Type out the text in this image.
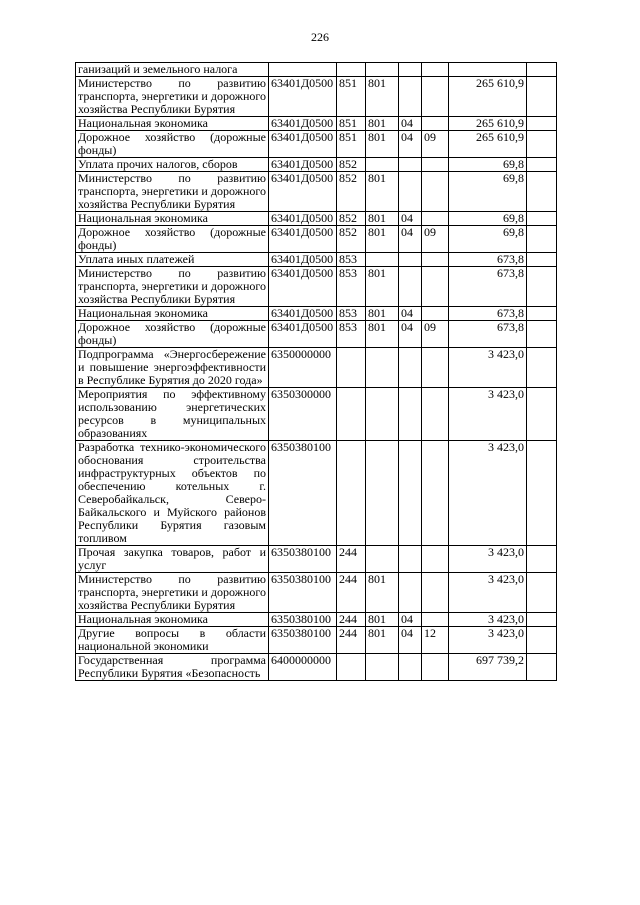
226
ганизаций и земельного налога							
Министерство по развитию транспорта, энергетики и дорожного хозяйства Республики Бурятия	63401Д0500	851	801			265 610,9	
Национальная экономика	63401Д0500	851	801	04		265 610,9	
Дорожное хозяйство (дорожные фонды)	63401Д0500	851	801	04	09	265 610,9	
Уплата прочих налогов, сборов	63401Д0500	852				69,8	
Министерство по развитию транспорта, энергетики и дорожного хозяйства Республики Бурятия	63401Д0500	852	801			69,8	
Национальная экономика	63401Д0500	852	801	04		69,8	
Дорожное хозяйство (дорожные фонды)	63401Д0500	852	801	04	09	69,8	
Уплата иных платежей	63401Д0500	853				673,8	
Министерство по развитию транспорта, энергетики и дорожного хозяйства Республики Бурятия	63401Д0500	853	801			673,8	
Национальная экономика	63401Д0500	853	801	04		673,8	
Дорожное хозяйство (дорожные фонды)	63401Д0500	853	801	04	09	673,8	
Подпрограмма «Энергосбережение и повышение энергоэффективности в Республике Бурятия до 2020 года»	6350000000					3 423,0	
Мероприятия по эффективному использованию энергетических ресурсов в муниципальных образованиях	6350300000					3 423,0	
Разработка технико-экономического обоснования строительства инфраструктурных объектов по обеспечению котельных г. Северобайкальск, Северо-Байкальского и Муйского районов Республики Бурятия газовым топливом	6350380100					3 423,0	
Прочая закупка товаров, работ и услуг	6350380100	244				3 423,0	
Министерство по развитию транспорта, энергетики и дорожного хозяйства Республики Бурятия	6350380100	244	801			3 423,0	
Национальная экономика	6350380100	244	801	04		3 423,0	
Другие вопросы в области национальной экономики	6350380100	244	801	04	12	3 423,0	
Государственная программа Республики Бурятия «Безопасность	6400000000					697 739,2	
